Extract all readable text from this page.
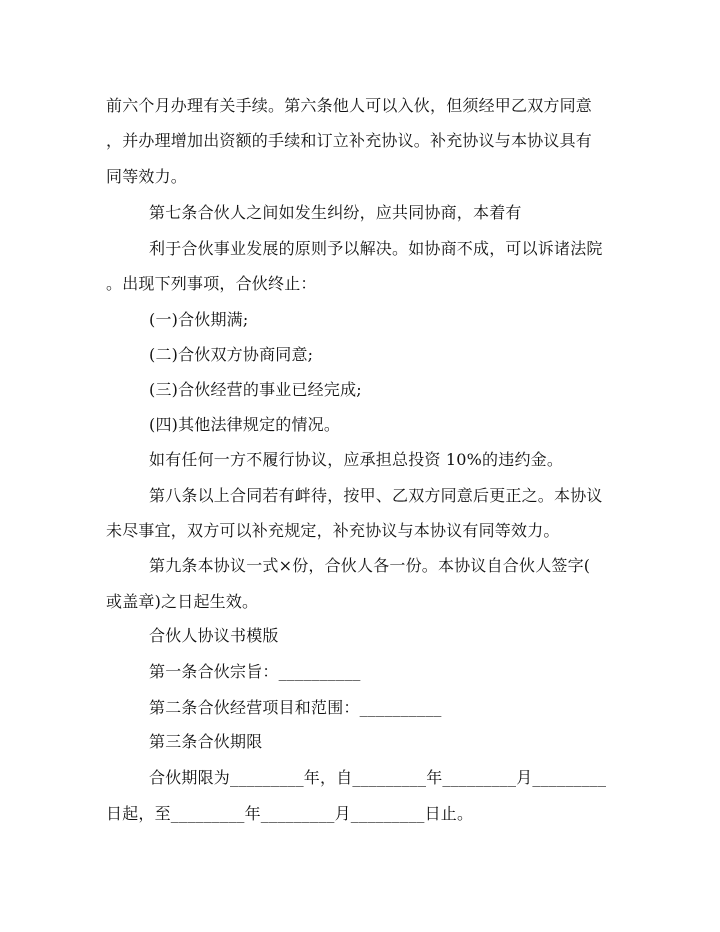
前六个月办理有关手续。第六条他人可以入伙，但须经甲乙双方同意
，并办理增加出资额的手续和订立补充协议。补充协议与本协议具有
同等效力。
第七条合伙人之间如发生纠纷，应共同协商，本着有
利于合伙事业发展的原则予以解决。如协商不成，可以诉诸法院
。出现下列事项，合伙终止：
(一)合伙期满;
(二)合伙双方协商同意;
(三)合伙经营的事业已经完成;
(四)其他法律规定的情况。
如有任何一方不履行协议，应承担总投资 10%的违约金。
第八条以上合同若有衅待，按甲、乙双方同意后更正之。本协议
未尽事宜，双方可以补充规定，补充协议与本协议有同等效力。
第九条本协议一式×份，合伙人各一份。本协议自合伙人签字(
或盖章)之日起生效。
合伙人协议书模版
第一条合伙宗旨：__________
第二条合伙经营项目和范围：__________
第三条合伙期限
合伙期限为_________年，自_________年_________月_________
日起，至_________年_________月_________日止。
